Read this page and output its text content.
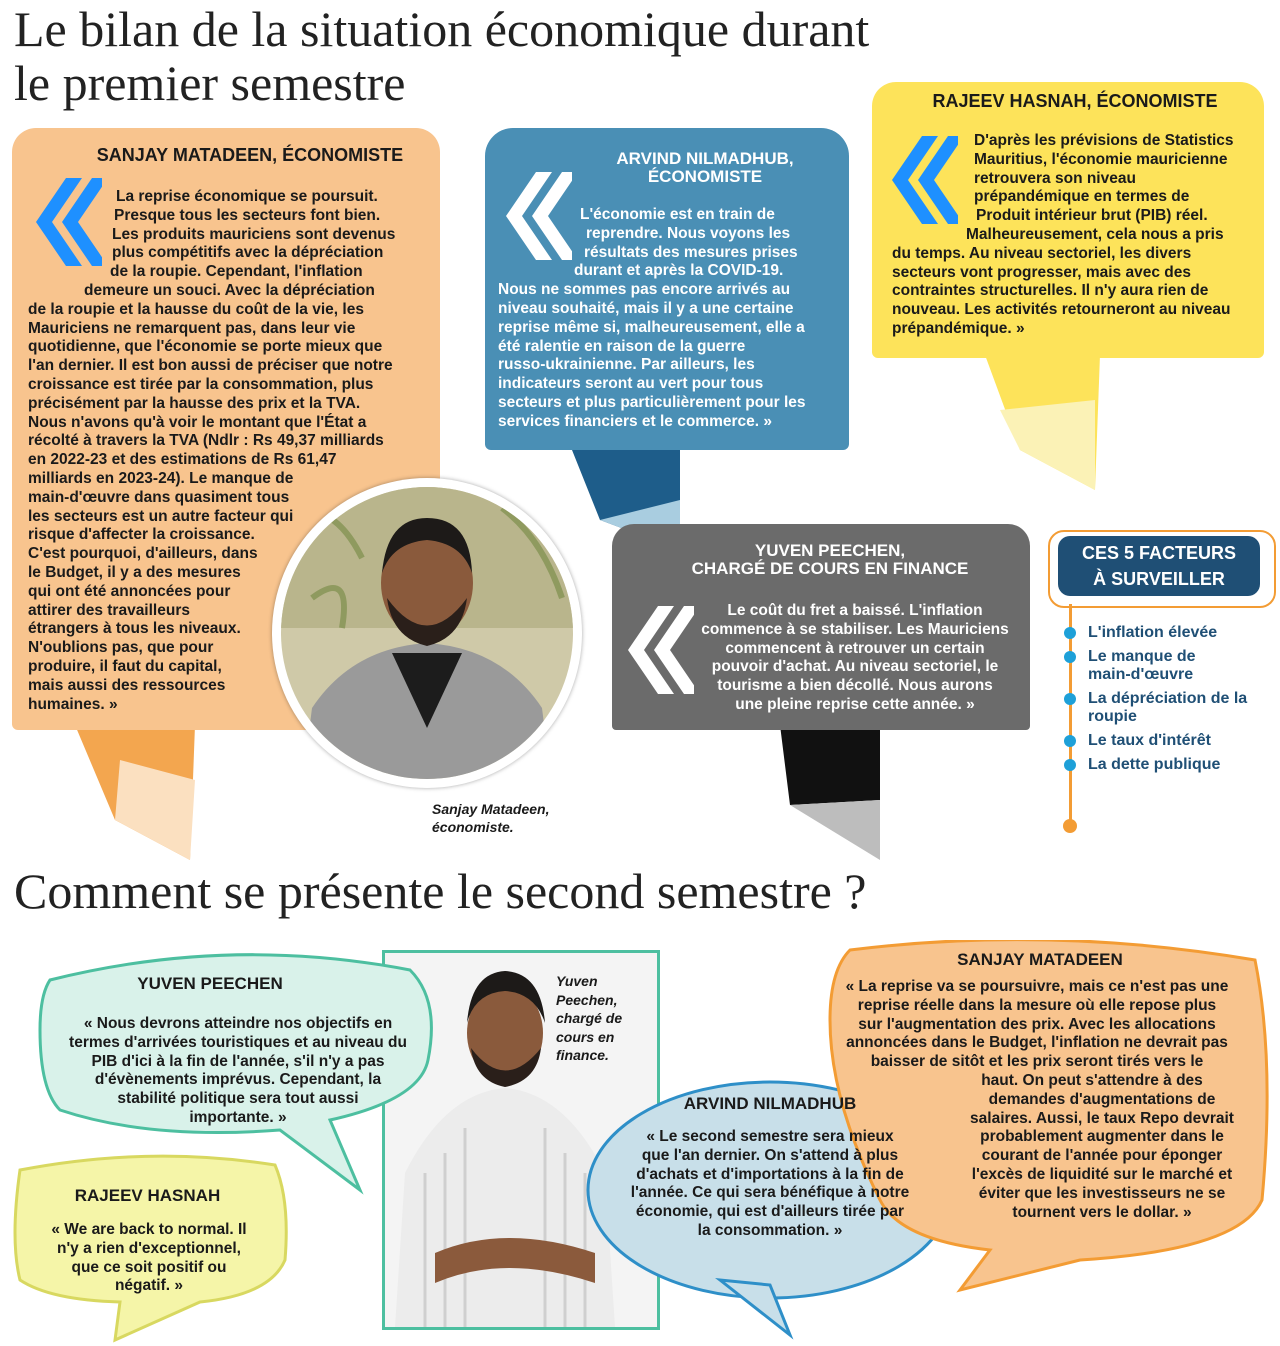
Le bilan de la situation économique durant
le premier semestre
SANJAY MATADEEN, ÉCONOMISTE
La reprise économique se poursuit.
Presque tous les secteurs font bien.
Les produits mauriciens sont devenus
plus compétitifs avec la dépréciation
de la roupie. Cependant, l'inflation
demeure un souci. Avec la dépréciation
de la roupie et la hausse du coût de la vie, les
Mauriciens ne remarquent pas, dans leur vie
quotidienne, que l'économie se porte mieux que
l'an dernier. Il est bon aussi de préciser que notre
croissance est tirée par la consommation, plus
précisément par la hausse des prix et la TVA.
Nous n'avons qu'à voir le montant que l'État a
récolté à travers la TVA (Ndlr : Rs 49,37 milliards
en 2022-23 et des estimations de Rs 61,47
milliards en 2023-24). Le manque de
main-d'œuvre dans quasiment tous
les secteurs est un autre facteur qui
risque d'affecter la croissance.
C'est pourquoi, d'ailleurs, dans
le Budget, il y a des mesures
qui ont été annoncées pour
attirer des travailleurs
étrangers à tous les niveaux.
N'oublions pas, que pour
produire, il faut du capital,
mais aussi des ressources
humaines. »
Sanjay Matadeen,
économiste.
ARVIND NILMADHUB,
ÉCONOMISTE
L'économie est en train de
reprendre. Nous voyons les
résultats des mesures prises
durant et après la COVID-19.
Nous ne sommes pas encore arrivés au
niveau souhaité, mais il y a une certaine
reprise même si, malheureusement, elle a
été ralentie en raison de la guerre
russo-ukrainienne. Par ailleurs, les
indicateurs seront au vert pour tous
secteurs et plus particulièrement pour les
services financiers et le commerce. »
RAJEEV HASNAH, ÉCONOMISTE
D'après les prévisions de Statistics
Mauritius, l'économie mauricienne
retrouvera son niveau
prépandémique en termes de
Produit intérieur brut (PIB) réel.
Malheureusement, cela nous a pris
du temps. Au niveau sectoriel, les divers
secteurs vont progresser, mais avec des
contraintes structurelles. Il n'y aura rien de
nouveau. Les activités retourneront au niveau
prépandémique. »
YUVEN PEECHEN,
CHARGÉ DE COURS EN FINANCE
Le coût du fret a baissé. L'inflation
commence à se stabiliser. Les Mauriciens
commencent à retrouver un certain
pouvoir d'achat. Au niveau sectoriel, le
tourisme a bien décollé. Nous aurons
une pleine reprise cette année. »
CES 5 FACTEURS
À SURVEILLER
L'inflation élevée
Le manque de
main-d'œuvre
La dépréciation de la
roupie
Le taux d'intérêt
La dette publique
Comment se présente le second semestre ?
Yuven
Peechen,
chargé de
cours en
finance.
YUVEN PEECHEN
« Nous devrons atteindre nos objectifs en
termes d'arrivées touristiques et au niveau du
PIB d'ici à la fin de l'année, s'il n'y a pas
d'évènements imprévus. Cependant, la
stabilité politique sera tout aussi
importante. »
RAJEEV HASNAH
« We are back to normal. Il
n'y a rien d'exceptionnel,
que ce soit positif ou
négatif. »
ARVIND NILMADHUB
« Le second semestre sera mieux
que l'an dernier. On s'attend à plus
d'achats et d'importations à la fin de
l'année. Ce qui sera bénéfique à notre
économie, qui est d'ailleurs tirée par
la consommation. »
SANJAY MATADEEN
« La reprise va se poursuivre, mais ce n'est pas une
reprise réelle dans la mesure où elle repose plus
sur l'augmentation des prix. Avec les allocations
annoncées dans le Budget, l'inflation ne devrait pas
baisser de sitôt et les prix seront tirés vers le
haut. On peut s'attendre à des
demandes d'augmentations de
salaires. Aussi, le taux Repo devrait
probablement augmenter dans le
courant de l'année pour éponger
l'excès de liquidité sur le marché et
éviter que les investisseurs ne se
tournent vers le dollar. »
